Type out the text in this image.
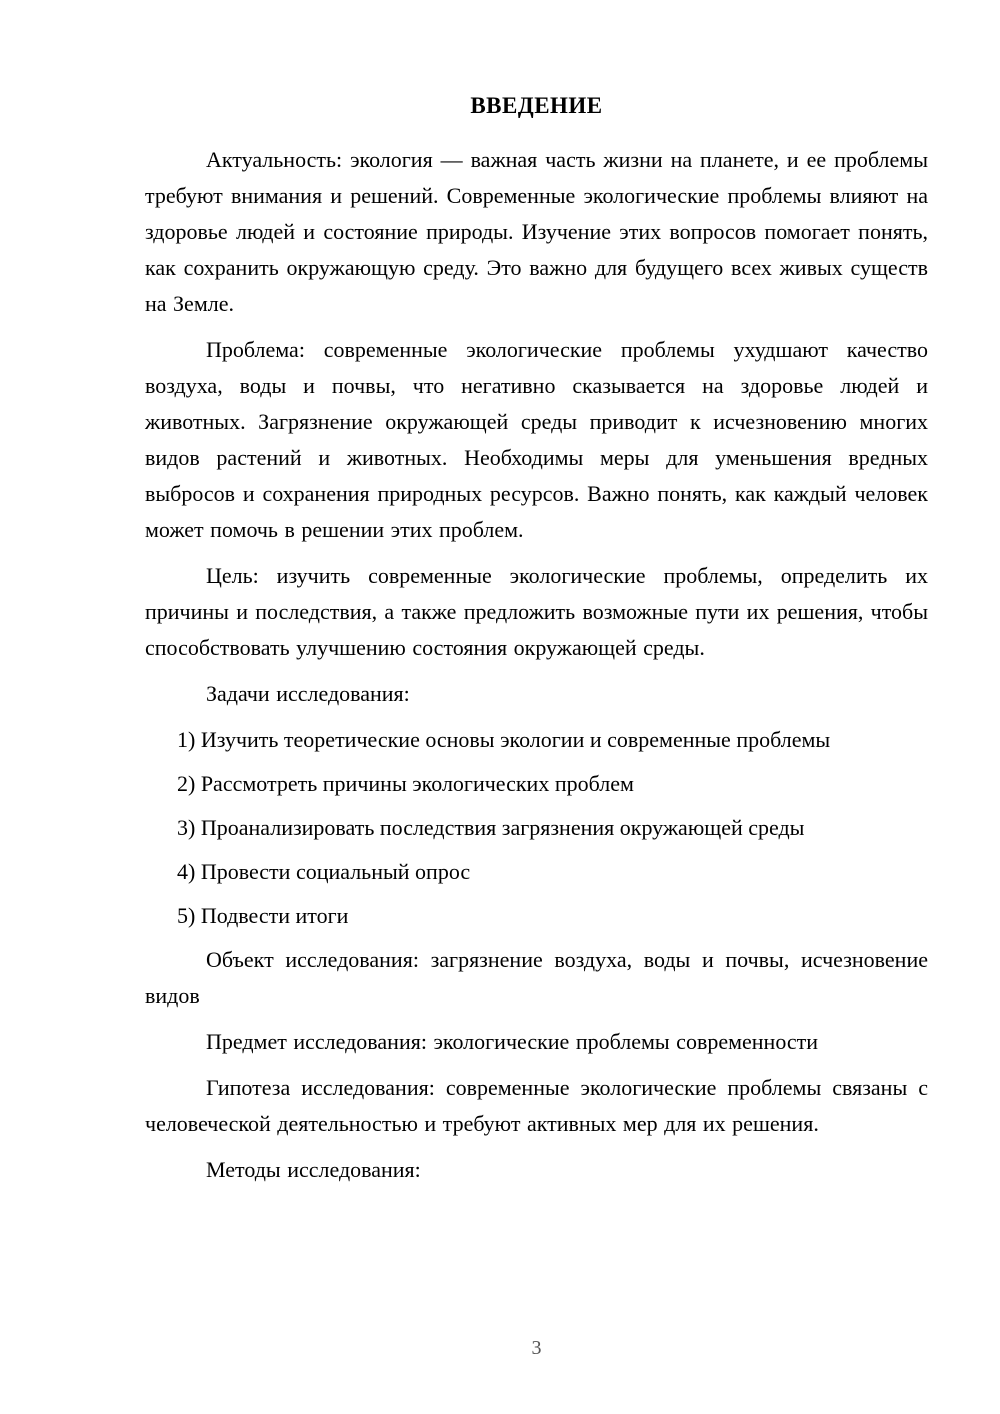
ВВЕДЕНИЕ

Актуальность: экология — важная часть жизни на планете, и ее проблемы требуют внимания и решений. Современные экологические проблемы влияют на здоровье людей и состояние природы. Изучение этих вопросов помогает понять, как сохранить окружающую среду. Это важно для будущего всех живых существ на Земле.

Проблема: современные экологические проблемы ухудшают качество воздуха, воды и почвы, что негативно сказывается на здоровье людей и животных. Загрязнение окружающей среды приводит к исчезновению многих видов растений и животных. Необходимы меры для уменьшения вредных выбросов и сохранения природных ресурсов. Важно понять, как каждый человек может помочь в решении этих проблем.

Цель: изучить современные экологические проблемы, определить их причины и последствия, а также предложить возможные пути их решения, чтобы способствовать улучшению состояния окружающей среды.

Задачи исследования:

1) Изучить теоретические основы экологии и современные проблемы

2) Рассмотреть причины экологических проблем

3) Проанализировать последствия загрязнения окружающей среды

4) Провести социальный опрос

5) Подвести итоги

Объект исследования: загрязнение воздуха, воды и почвы, исчезновение видов

Предмет исследования: экологические проблемы современности

Гипотеза исследования: современные экологические проблемы связаны с человеческой деятельностью и требуют активных мер для их решения.

Методы исследования:

3
